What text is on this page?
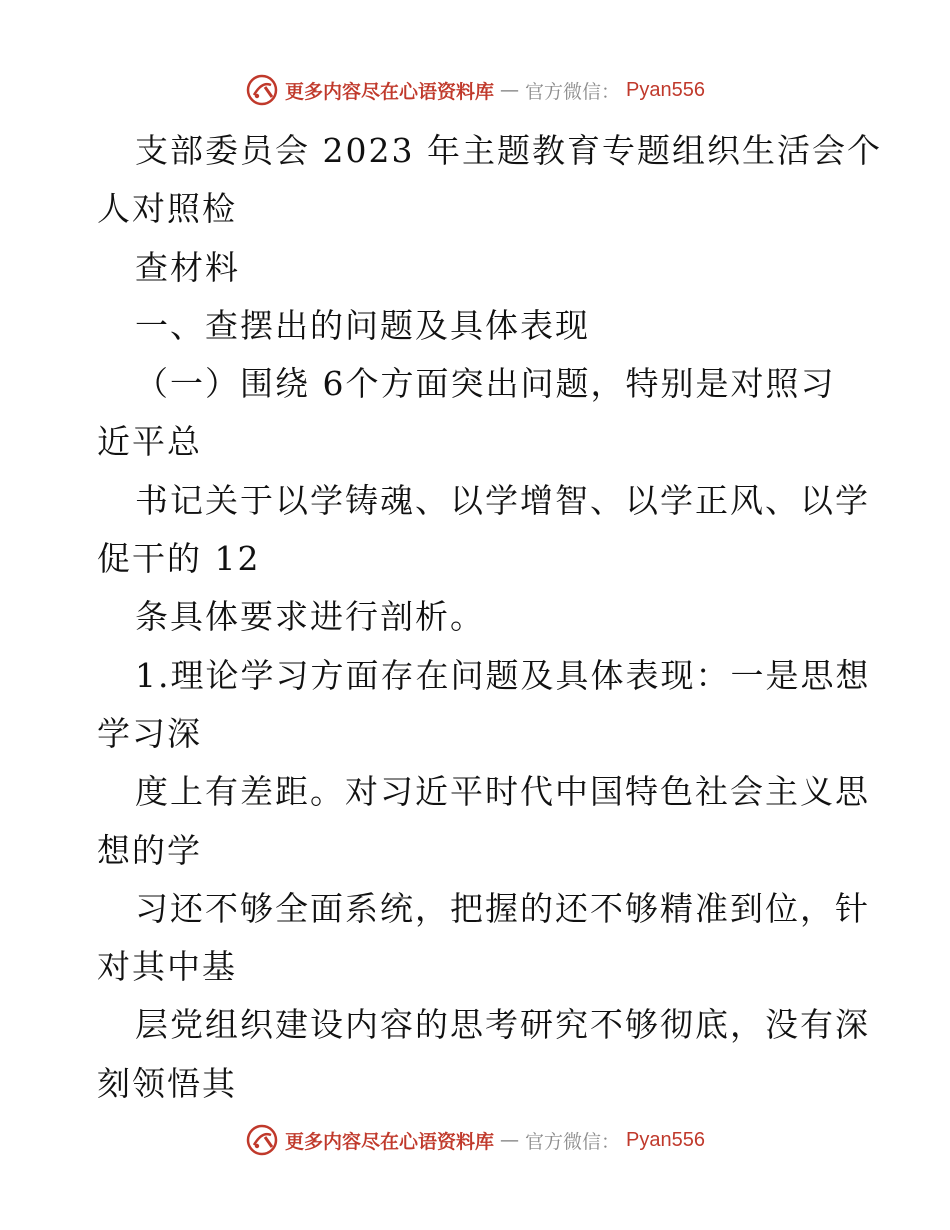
更多内容尽在心语资料库 — 官方微信： Pyan556
支部委员会 2023 年主题教育专题组织生活会个
人对照检
查材料
一、查摆出的问题及具体表现
（一）围绕 6个方面突出问题，特别是对照习
近平总
书记关于以学铸魂、以学增智、以学正风、以学
促干的 12
条具体要求进行剖析。
1.理论学习方面存在问题及具体表现：一是思想
学习深
度上有差距。对习近平时代中国特色社会主义思
想的学
习还不够全面系统，把握的还不够精准到位，针
对其中基
层党组织建设内容的思考研究不够彻底，没有深
刻领悟其
更多内容尽在心语资料库 — 官方微信： Pyan556
